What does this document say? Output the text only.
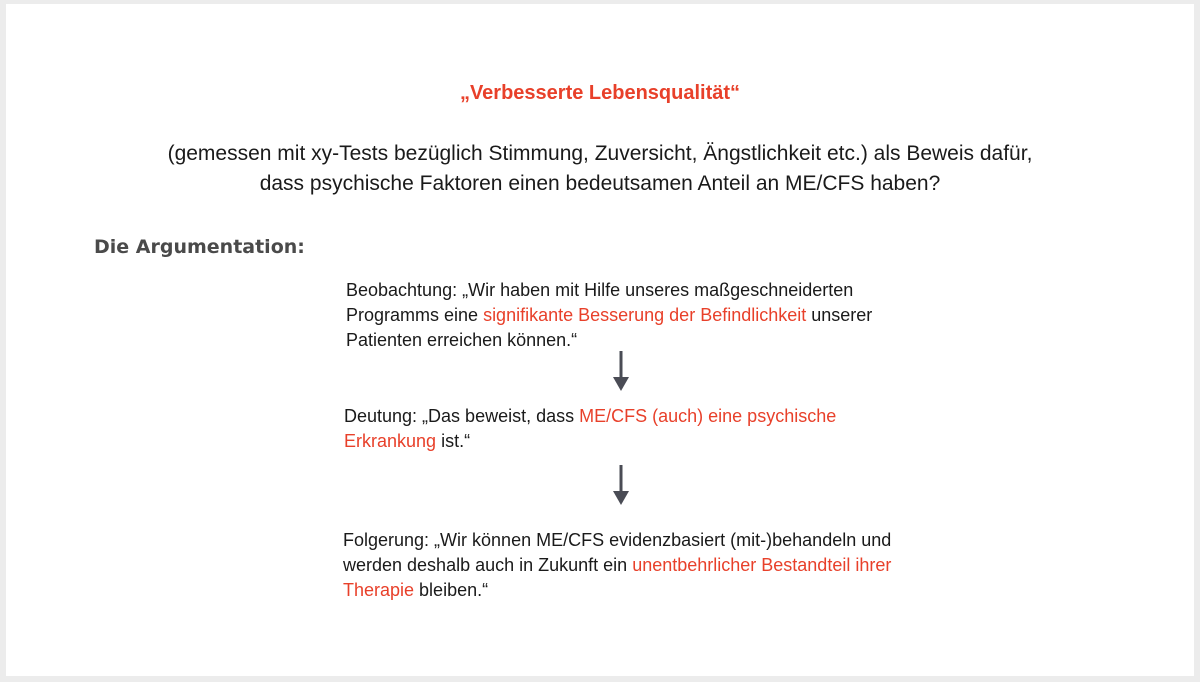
„Verbesserte Lebensqualität“
(gemessen mit xy-Tests bezüglich Stimmung, Zuversicht, Ängstlichkeit etc.) als Beweis dafür,
dass psychische Faktoren einen bedeutsamen Anteil an ME/CFS haben?
Die Argumentation:
Beobachtung: „Wir haben mit Hilfe unseres maßgeschneiderten
Programms eine signifikante Besserung der Befindlichkeit unserer
Patienten erreichen können.“
Deutung: „Das beweist, dass ME/CFS (auch) eine psychische
Erkrankung ist.“
Folgerung: „Wir können ME/CFS evidenzbasiert (mit-)behandeln und
werden deshalb auch in Zukunft ein unentbehrlicher Bestandteil ihrer
Therapie bleiben.“
